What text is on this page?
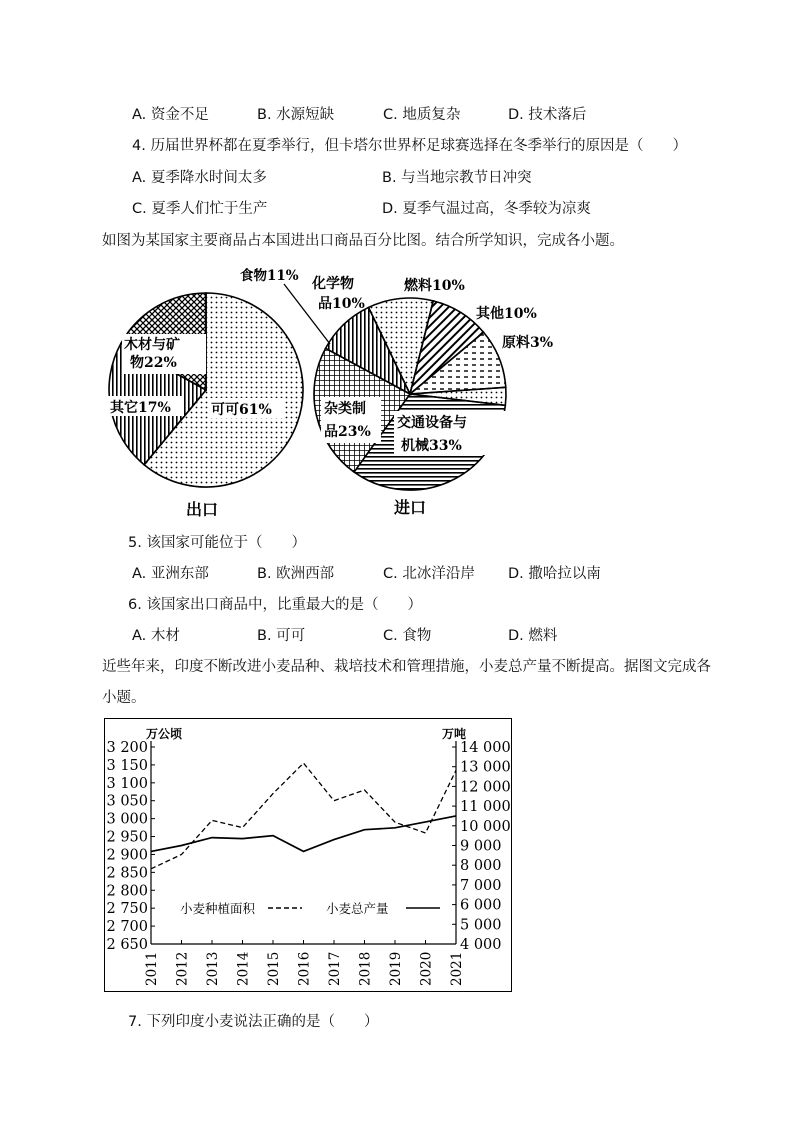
A. 资金不足	B. 水源短缺	C. 地质复杂	D. 技术落后
4. 历届世界杯都在夏季举行，但卡塔尔世界杯足球赛选择在冬季举行的原因是（　　）
A. 夏季降水时间太多	B. 与当地宗教节日冲突
C. 夏季人们忙于生产	D. 夏季气温过高，冬季较为凉爽
如图为某国家主要商品占本国进出口商品百分比图。结合所学知识，完成各小题。
木材与矿
物22%
其它17%	可可61%
出口
食物11% 化学物
品10%
燃料10%
其他10%
原料3%
杂类制
品23%
交通设备与
机械33%
进口
5. 该国家可能位于（　　）
A. 亚洲东部	B. 欧洲西部	C. 北冰洋沿岸 D. 撒哈拉以南
6. 该国家出口商品中，比重最大的是（　　）
A. 木材	B. 可可	C. 食物	D. 燃料
近些年来，印度不断改进小麦品种、栽培技术和管理措施，小麦总产量不断提高。据图文完成各
小题。
万公顷	万吨
3 200
3 150
3 100
3 050
3 000
2 950
2 900
2 850
2 800
2 750
2 700
2 650
14 000
13 000
12 000
11 000
10 000
9 000
8 000
7 000
6 000
5 000
4 000
2011 2012 2013 2014 2015 2016 2017 2018 2019 2020 2021
小麦种植面积	小麦总产量
7. 下列印度小麦说法正确的是（　　）
